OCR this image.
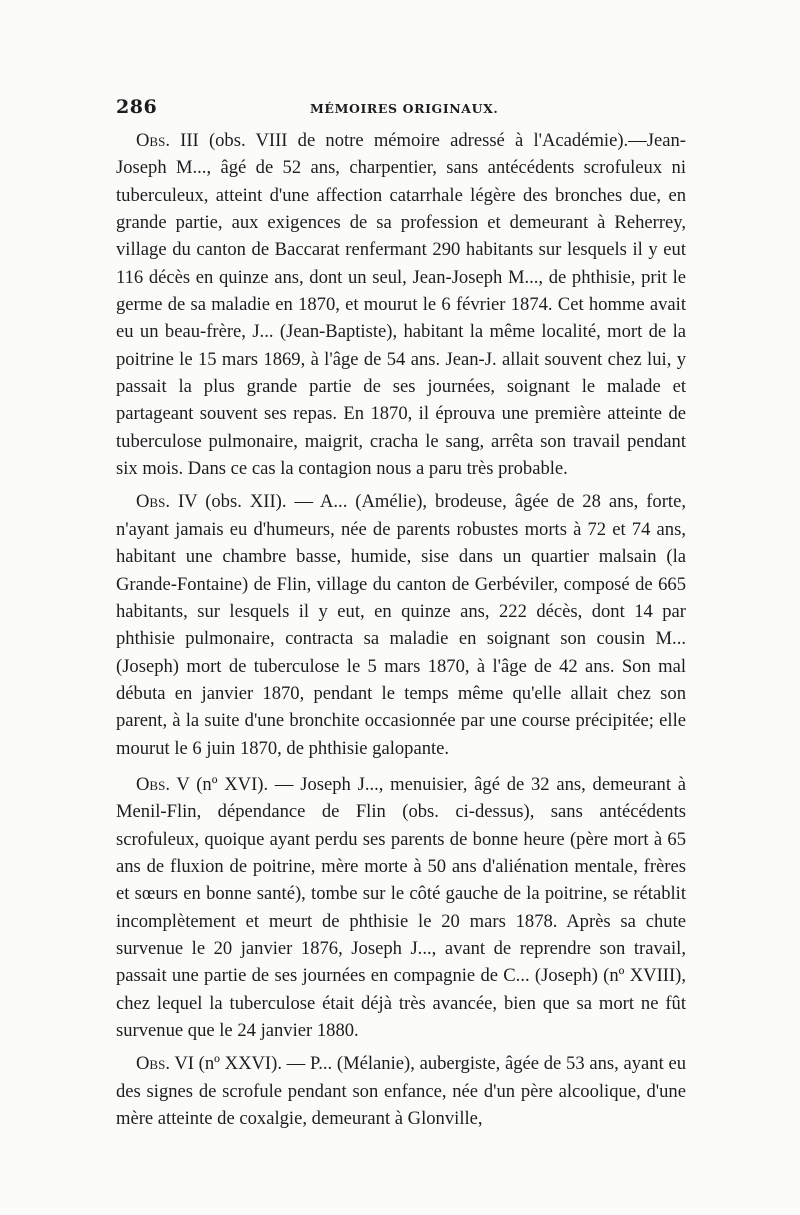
286	MÉMOIRES ORIGINAUX.

Obs. III (obs. VIII de notre mémoire adressé à l'Académie).—Jean-Joseph M..., âgé de 52 ans, charpentier, sans antécédents scrofuleux ni tuberculeux, atteint d'une affection catarrhale légère des bronches due, en grande partie, aux exigences de sa profession et demeurant à Reherrey, village du canton de Baccarat renfermant 290 habitants sur lesquels il y eut 116 décès en quinze ans, dont un seul, Jean-Joseph M..., de phthisie, prit le germe de sa maladie en 1870, et mourut le 6 février 1874. Cet homme avait eu un beau-frère, J... (Jean-Baptiste), habitant la même localité, mort de la poitrine le 15 mars 1869, à l'âge de 54 ans. Jean-J. allait souvent chez lui, y passait la plus grande partie de ses journées, soignant le malade et partageant souvent ses repas. En 1870, il éprouva une première atteinte de tuberculose pulmonaire, maigrit, cracha le sang, arrêta son travail pendant six mois. Dans ce cas la contagion nous a paru très probable.

Obs. IV (obs. XII). — A... (Amélie), brodeuse, âgée de 28 ans, forte, n'ayant jamais eu d'humeurs, née de parents robustes morts à 72 et 74 ans, habitant une chambre basse, humide, sise dans un quartier malsain (la Grande-Fontaine) de Flin, village du canton de Gerbéviler, composé de 665 habitants, sur lesquels il y eut, en quinze ans, 222 décès, dont 14 par phthisie pulmonaire, contracta sa maladie en soignant son cousin M... (Joseph) mort de tuberculose le 5 mars 1870, à l'âge de 42 ans. Son mal débuta en janvier 1870, pendant le temps même qu'elle allait chez son parent, à la suite d'une bronchite occasionnée par une course précipitée; elle mourut le 6 juin 1870, de phthisie galopante.

Obs. V (nº XVI). — Joseph J..., menuisier, âgé de 32 ans, demeurant à Menil-Flin, dépendance de Flin (obs. ci-dessus), sans antécédents scrofuleux, quoique ayant perdu ses parents de bonne heure (père mort à 65 ans de fluxion de poitrine, mère morte à 50 ans d'aliénation mentale, frères et sœurs en bonne santé), tombe sur le côté gauche de la poitrine, se rétablit incomplètement et meurt de phthisie le 20 mars 1878. Après sa chute survenue le 20 janvier 1876, Joseph J..., avant de reprendre son travail, passait une partie de ses journées en compagnie de C... (Joseph) (nº XVIII), chez lequel la tuberculose était déjà très avancée, bien que sa mort ne fût survenue que le 24 janvier 1880.

Obs. VI (nº XXVI). — P... (Mélanie), aubergiste, âgée de 53 ans, ayant eu des signes de scrofule pendant son enfance, née d'un père alcoolique, d'une mère atteinte de coxalgie, demeurant à Glonville,
